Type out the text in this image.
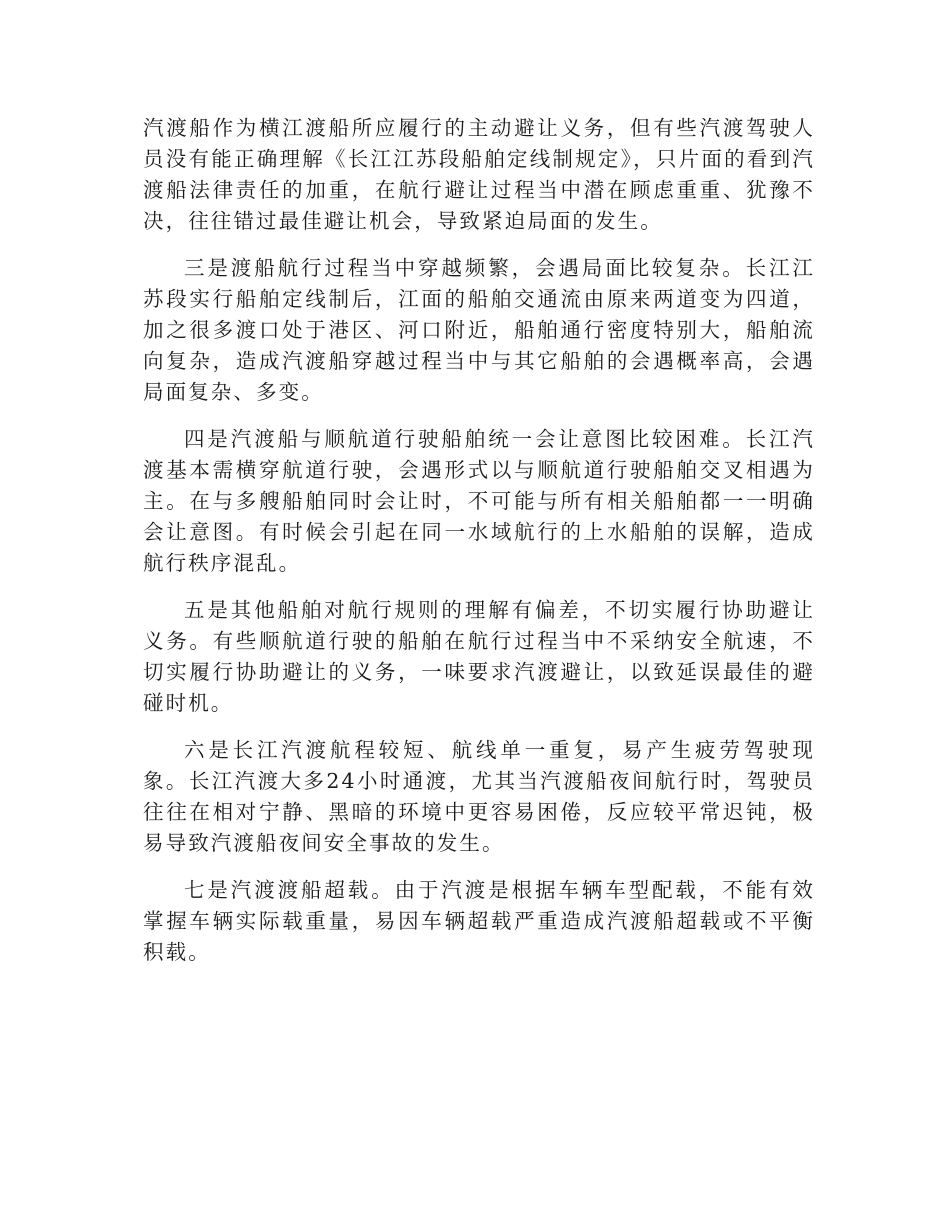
汽渡船作为横江渡船所应履行的主动避让义务，但有些汽渡驾驶人员没有能正确理解《长江江苏段船舶定线制规定》，只片面的看到汽渡船法律责任的加重，在航行避让过程当中潜在顾虑重重、犹豫不决，往往错过最佳避让机会，导致紧迫局面的发生。

三是渡船航行过程当中穿越频繁，会遇局面比较复杂。长江江苏段实行船舶定线制后，江面的船舶交通流由原来两道变为四道，加之很多渡口处于港区、河口附近，船舶通行密度特别大，船舶流向复杂，造成汽渡船穿越过程当中与其它船舶的会遇概率高，会遇局面复杂、多变。

四是汽渡船与顺航道行驶船舶统一会让意图比较困难。长江汽渡基本需横穿航道行驶，会遇形式以与顺航道行驶船舶交叉相遇为主。在与多艘船舶同时会让时，不可能与所有相关船舶都一一明确会让意图。有时候会引起在同一水域航行的上水船舶的误解，造成航行秩序混乱。

五是其他船舶对航行规则的理解有偏差，不切实履行协助避让义务。有些顺航道行驶的船舶在航行过程当中不采纳安全航速，不切实履行协助避让的义务，一味要求汽渡避让，以致延误最佳的避碰时机。

六是长江汽渡航程较短、航线单一重复，易产生疲劳驾驶现象。长江汽渡大多24小时通渡，尤其当汽渡船夜间航行时，驾驶员往往在相对宁静、黑暗的环境中更容易困倦，反应较平常迟钝，极易导致汽渡船夜间安全事故的发生。

七是汽渡渡船超载。由于汽渡是根据车辆车型配载，不能有效掌握车辆实际载重量，易因车辆超载严重造成汽渡船超载或不平衡积载。
